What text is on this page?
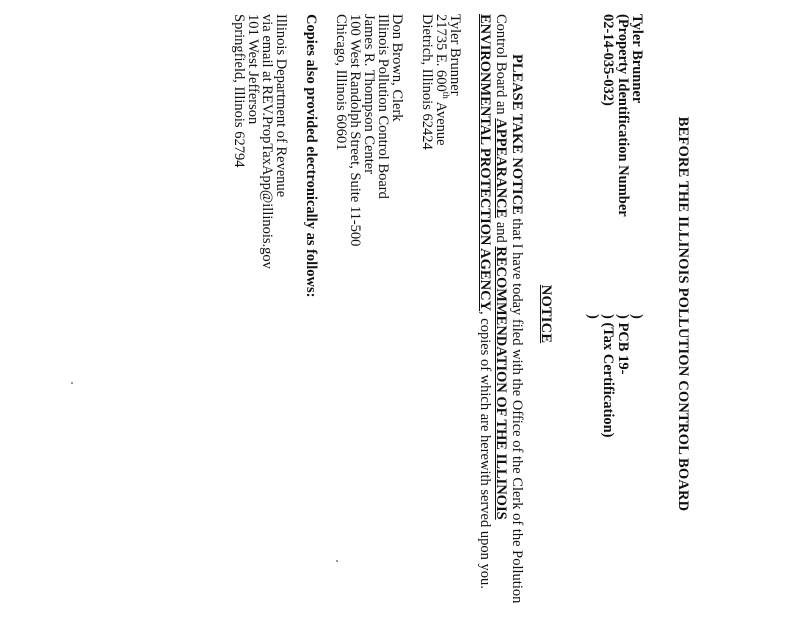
BEFORE THE ILLINOIS POLLUTION CONTROL BOARD
Tyler Brunner
(Property Identification Number
02-14-035-032)
)
) PCB 19-
) (Tax Certification)
)
NOTICE
PLEASE TAKE NOTICE that I have today filed with the Office of the Clerk of the Pollution
Control Board an APPEARANCE and RECOMMENDATION OF THE ILLINOIS
ENVIRONMENTAL PROTECTION AGENCY, copies of which are herewith served upon you.
Tyler Brunner
21735 E. 600th Avenue
Dietrich, Illinois 62424
Don Brown, Clerk
Illinois Pollution Control Board
James R. Thompson Center
100 West Randolph Street, Suite 11-500
Chicago, Illinois 60601
Copies also provided electronically as follows:
Illinois Department of Revenue
via email at REV.PropTaxApp@illinois.gov
101 West Jefferson
Springfield, Illinois 62794
